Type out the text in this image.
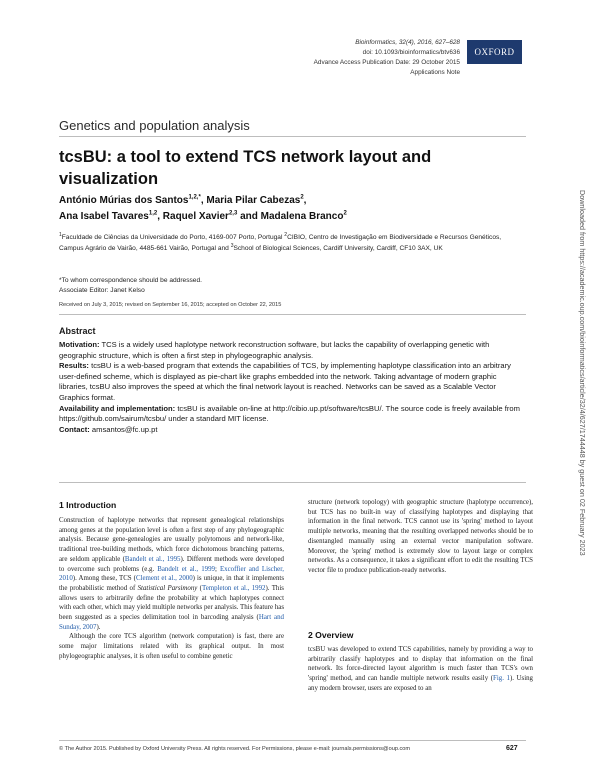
Bioinformatics, 32(4), 2016, 627–628
doi: 10.1093/bioinformatics/btv636
Advance Access Publication Date: 29 October 2015
Applications Note
OXFORD
Genetics and population analysis
tcsBU: a tool to extend TCS network layout and visualization
António Múrias dos Santos$^{1,2,*}$, Maria Pilar Cabezas$^2$,
Ana Isabel Tavares$^{1,2}$, Raquel Xavier$^{2,3}$ and Madalena Branco$^2$
$^1$Faculdade de Ciências da Universidade do Porto, 4169-007 Porto, Portugal $^2$CIBIO, Centro de Investigação em Biodiversidade e Recursos Genéticos, Campus Agrário de Vairão, 4485-661 Vairão, Portugal and $^3$School of Biological Sciences, Cardiff University, Cardiff, CF10 3AX, UK
*To whom correspondence should be addressed.
Associate Editor: Janet Kelso
Received on July 3, 2015; revised on September 16, 2015; accepted on October 22, 2015
Abstract

Motivation: TCS is a widely used haplotype network reconstruction software, but lacks the capability of overlapping genetic with geographic structure, which is often a first step in phylogeographic analysis.

Results: tcsBU is a web-based program that extends the capabilities of TCS, by implementing haplotype classification into an arbitrary user-defined scheme, which is displayed as pie-chart like graphs embedded into the network. Taking advantage of modern graphic libraries, tcsBU also improves the speed at which the final network layout is reached. Networks can be saved as a Scalable Vector Graphics format.

Availability and implementation: tcsBU is available on-line at http://cibio.up.pt/software/tcsBU/. The source code is freely available from https://github.com/sairum/tcsbu/ under a standard MIT license.

Contact: amsantos@fc.up.pt

1 Introduction

Construction of haplotype networks that represent genealogical relationships among genes at the population level is often a first step of any phylogeographic analysis. Because gene-genealogies are usually polytomous and network-like, traditional tree-building methods, which force dichotomous branching patterns, are seldom applicable (Bandelt et al., 1995). Different methods were developed to overcome such problems (e.g. Bandelt et al., 1999; Excoffier and Lischer, 2010). Among these, TCS (Clement et al., 2000) is unique, in that it implements the probabilistic method of Statistical Parsimony (Templeton et al., 1992). This allows users to arbitrarily define the probability at which haplotypes connect with each other, which may yield multiple networks per analysis. This feature has been suggested as a species delimitation tool in barcoding analysis (Hart and Sunday, 2007).

Although the core TCS algorithm (network computation) is fast, there are some major limitations related with its graphical output. In most phylogeographic analyses, it is often useful to combine genetic

structure (network topology) with geographic structure (haplotype occurrence), but TCS has no built-in way of classifying haplotypes and displaying that information in the final network. TCS cannot use its 'spring' method to layout multiple networks, meaning that the resulting overlapped networks should be to disentangled manually using an external vector manipulation software. Moreover, the 'spring' method is extremely slow to layout large or complex networks. As a consequence, it takes a significant effort to edit the resulting TCS vector file to produce publication-ready networks.

2 Overview

tcsBU was developed to extend TCS capabilities, namely by providing a way to arbitrarily classify haplotypes and to display that information on the final network. Its force-directed layout algorithm is much faster than TCS's own 'spring' method, and can handle multiple network results easily (Fig. 1). Using any modern browser, users are exposed to an

© The Author 2015. Published by Oxford University Press. All rights reserved. For Permissions, please e-mail: journals.permissions@oup.com	627
Downloaded from https://academic.oup.com/bioinformatics/article/32/4/627/1744448 by guest on 02 February 2023
